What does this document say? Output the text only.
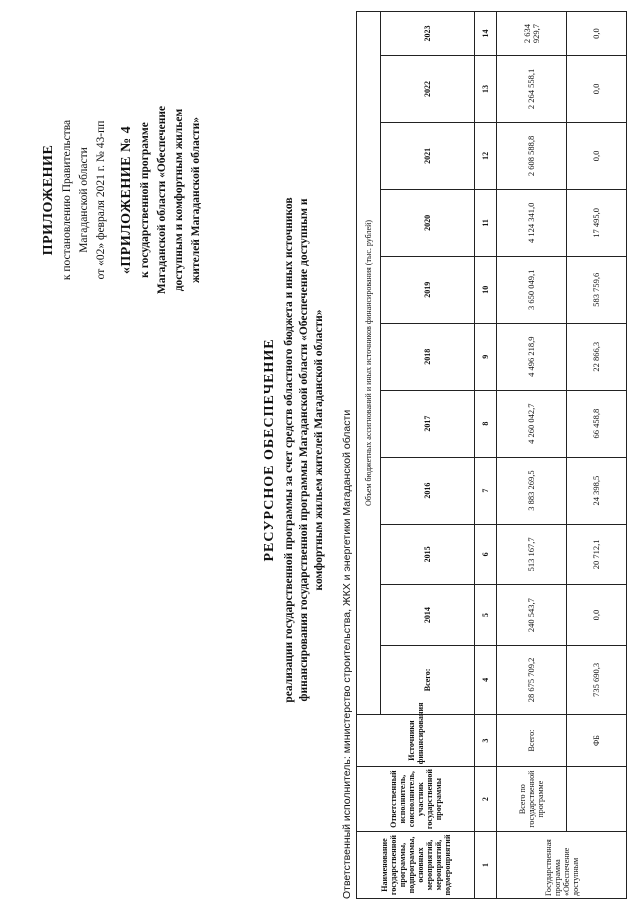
ПРИЛОЖЕНИЕ к постановлению Правительства Магаданской области от «02» февраля 2021 г. № 43-пп «ПРИЛОЖЕНИЕ № 4 к государственной программе Магаданской области «Обеспечение доступным и комфортным жильем жителей Магаданской области»
РЕСУРСНОЕ ОБЕСПЕЧЕНИЕ реализации государственной программы за счет средств областного бюджета и иных источников финансирования государственной программы Магаданской области «Обеспечение доступным и комфортным жильем жителей Магаданской области» Ответственный исполнитель: министерство строительства, ЖКХ и энергетики Магаданской области	Наименование государственной программы, подпрограммы, основных мероприятий, мероприятий, подмероприятий	Ответственный исполнитель, соисполнитель, участник государственной программы	Источники финансирования	Объем бюджетных ассигнований и иных источников финансирования (тыс. рублей)										
			Всего:	2014	2015	2016	2017	2018	2019	2020	2021	2022	2023
1	2	3	4	5	6	7	8	9	10	11	12	13	14
Государственная программа «Обеспечение доступным	Всего по государственной программе	Всего:	28 675 709,2	240 543,7	513 167,7	3 883 269,5	4 260 042,7	4 496 218,9	3 650 049,1	4 124 341,0	2 608 588,8	2 264 558,1	2 634 929,7
		ФБ	735 690,3	0,0	20 712,1	24 398,5	66 458,8	22 866,3	583 759,6	17 495,0	0,0	0,0	0,0
